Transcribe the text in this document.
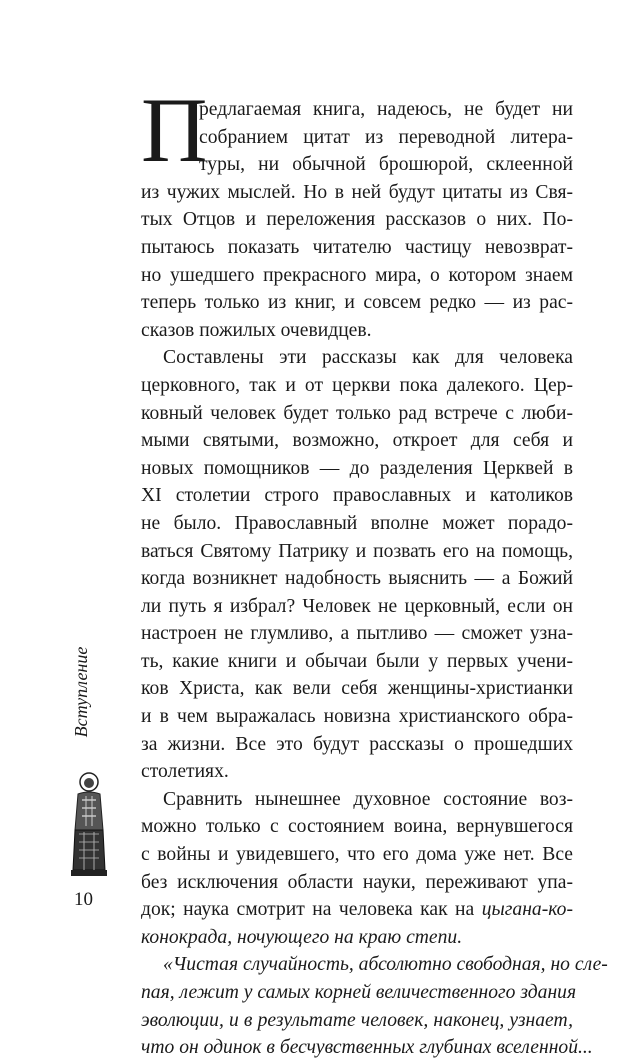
П
редлагаемая книга, надеюсь, не будет ни
собранием цитат из переводной литера-
туры, ни обычной брошюрой, склеенной
из чужих мыслей. Но в ней будут цитаты из Свя-
тых Отцов и переложения рассказов о них. По-
пытаюсь показать читателю частицу невозврат-
но ушедшего прекрасного мира, о котором знаем
теперь только из книг, и совсем редко — из рас-
сказов пожилых очевидцев.
Составлены эти рассказы как для человека
церковного, так и от церкви пока далекого. Цер-
ковный человек будет только рад встрече с люби-
мыми святыми, возможно, откроет для себя и
новых помощников — до разделения Церквей в
XI столетии строго православных и католиков
не было. Православный вполне может порадо-
ваться Святому Патрику и позвать его на помощь,
когда возникнет надобность выяснить — а Божий
ли путь я избрал? Человек не церковный, если он
настроен не глумливо, а пытливо — сможет узна-
ть, какие книги и обычаи были у первых учени-
ков Христа, как вели себя женщины-христианки
и в чем выражалась новизна христианского обра-
за жизни. Все это будут рассказы о прошедших
столетиях.
Сравнить нынешнее духовное состояние воз-
можно только с состоянием воина, вернувшегося
с войны и увидевшего, что его дома уже нет. Все
без исключения области науки, переживают упа-
док; наука смотрит на человека как на цыгана-ко-
конокрада, ночующего на краю степи.
«Чистая случайность, абсолютно свободная, но сле-
пая, лежит у самых корней величественного здания
эволюции, и в результате человек, наконец, узнает,
что он одинок в бесчувственных глубинах вселенной...
Вступление
10
